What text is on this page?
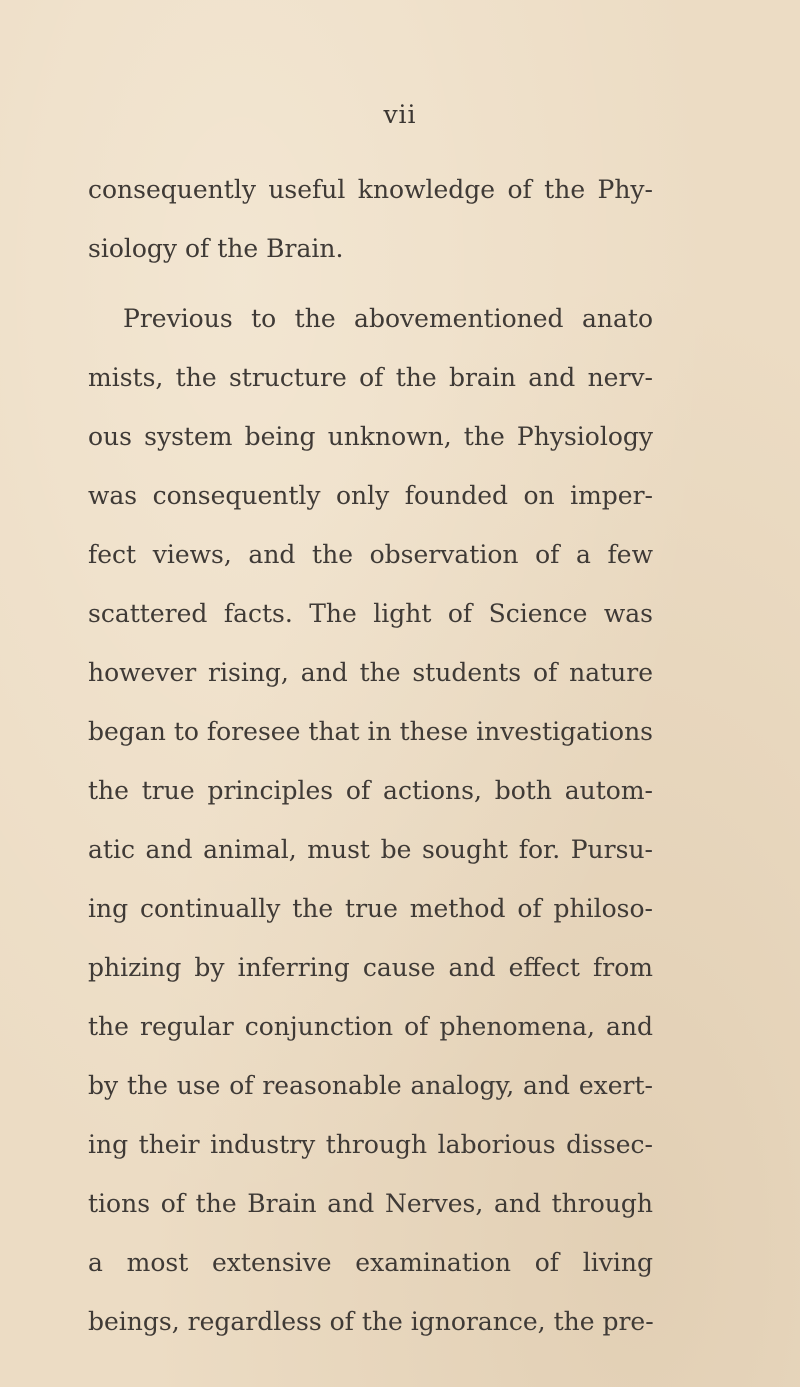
vii
consequently useful knowledge of the Phy-
siology of the Brain.
Previous to the abovementioned anato
mists, the structure of the brain and nerv-
ous system being unknown, the Physiology
was consequently only founded on imper-
fect views, and the observation of a few
scattered facts. The light of Science was
however rising, and the students of nature
began to foresee that in these investigations
the true principles of actions, both autom-
atic and animal, must be sought for. Pursu-
ing continually the true method of philoso-
phizing by inferring cause and effect from
the regular conjunction of phenomena, and
by the use of reasonable analogy, and exert-
ing their industry through laborious dissec-
tions of the Brain and Nerves, and through
a most extensive examination of living
beings, regardless of the ignorance, the pre-
